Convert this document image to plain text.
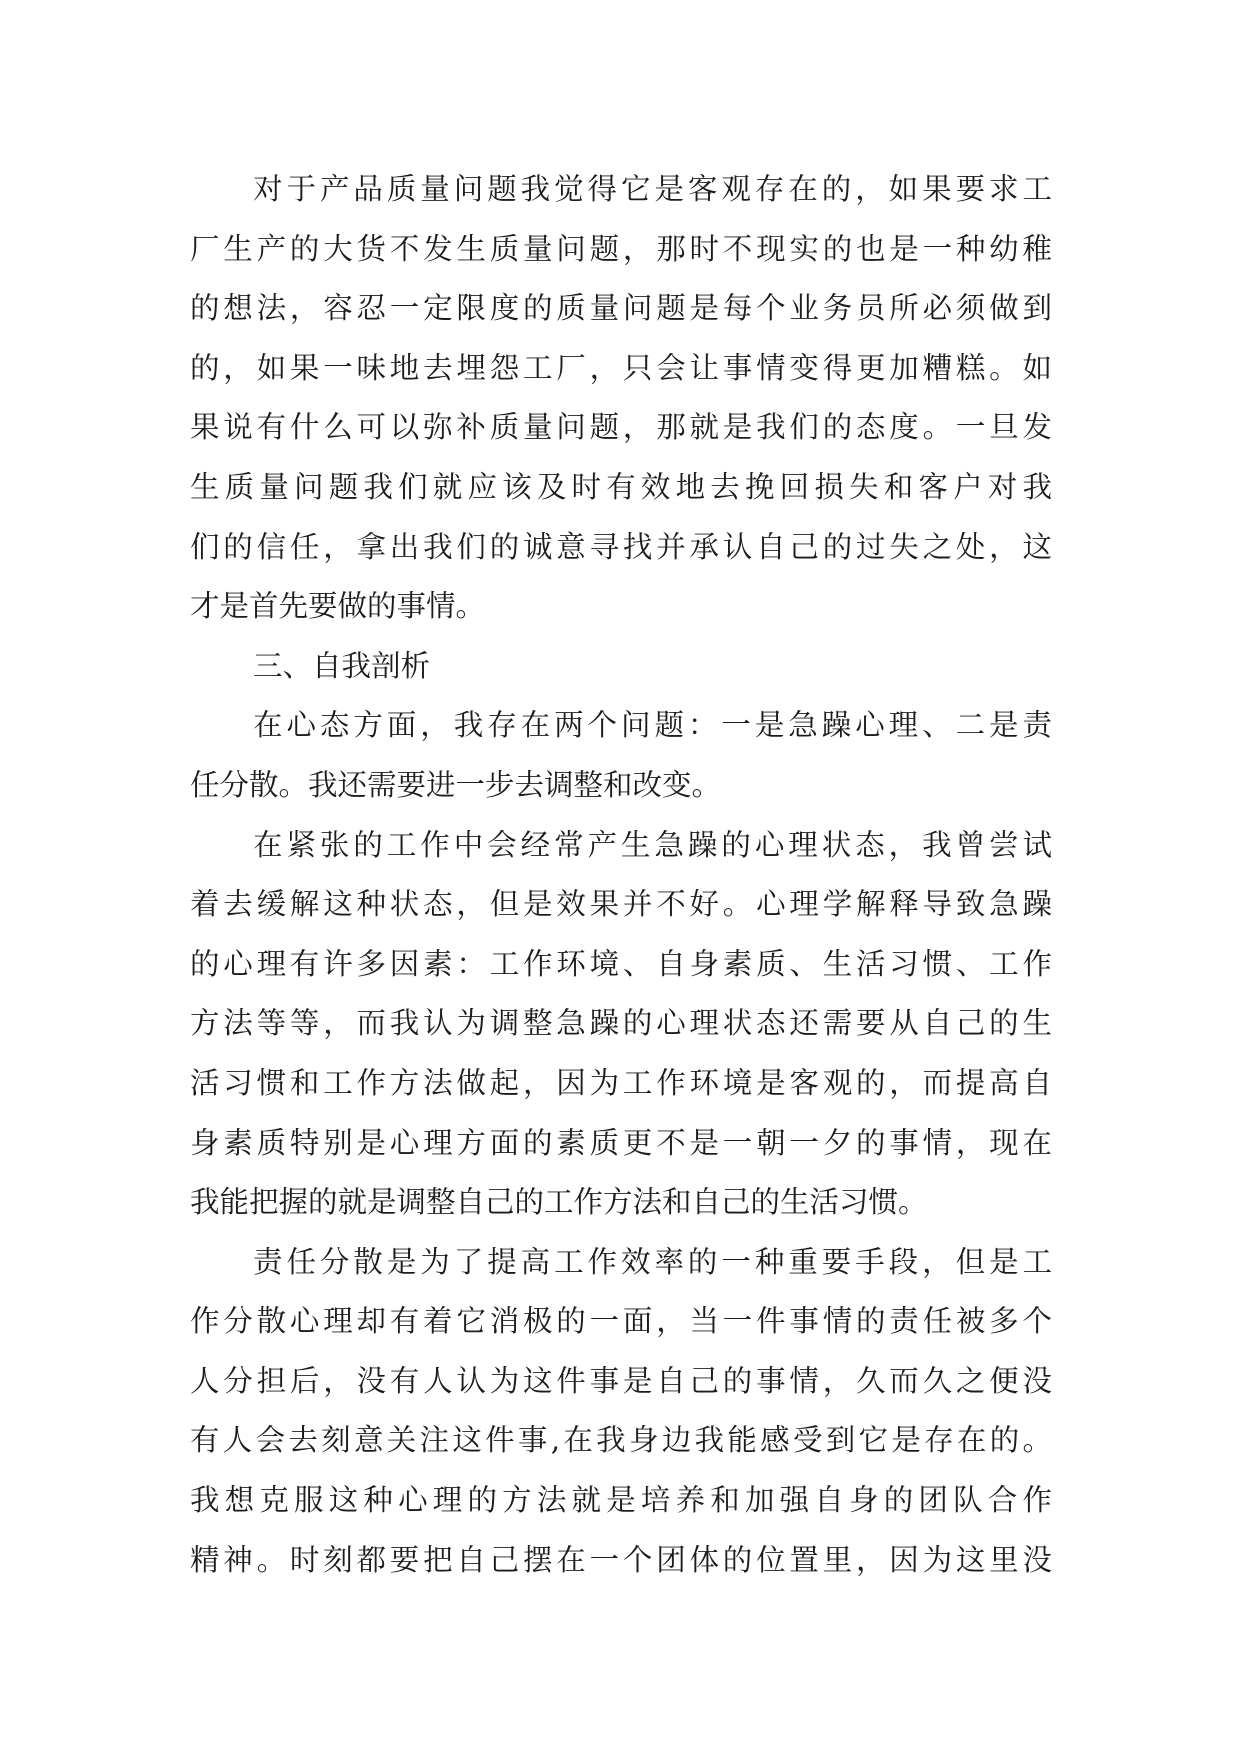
对于产品质量问题我觉得它是客观存在的，如果要求工
厂生产的大货不发生质量问题，那时不现实的也是一种幼稚
的想法，容忍一定限度的质量问题是每个业务员所必须做到
的，如果一味地去埋怨工厂，只会让事情变得更加糟糕。如
果说有什么可以弥补质量问题，那就是我们的态度。一旦发
生质量问题我们就应该及时有效地去挽回损失和客户对我
们的信任，拿出我们的诚意寻找并承认自己的过失之处，这
才是首先要做的事情。
三、自我剖析
在心态方面，我存在两个问题：一是急躁心理、二是责
任分散。我还需要进一步去调整和改变。
在紧张的工作中会经常产生急躁的心理状态，我曾尝试
着去缓解这种状态，但是效果并不好。心理学解释导致急躁
的心理有许多因素：工作环境、自身素质、生活习惯、工作
方法等等，而我认为调整急躁的心理状态还需要从自己的生
活习惯和工作方法做起，因为工作环境是客观的，而提高自
身素质特别是心理方面的素质更不是一朝一夕的事情，现在
我能把握的就是调整自己的工作方法和自己的生活习惯。
责任分散是为了提高工作效率的一种重要手段，但是工
作分散心理却有着它消极的一面，当一件事情的责任被多个
人分担后，没有人认为这件事是自己的事情，久而久之便没
有人会去刻意关注这件事,在我身边我能感受到它是存在的。
我想克服这种心理的方法就是培养和加强自身的团队合作
精神。时刻都要把自己摆在一个团体的位置里，因为这里没
